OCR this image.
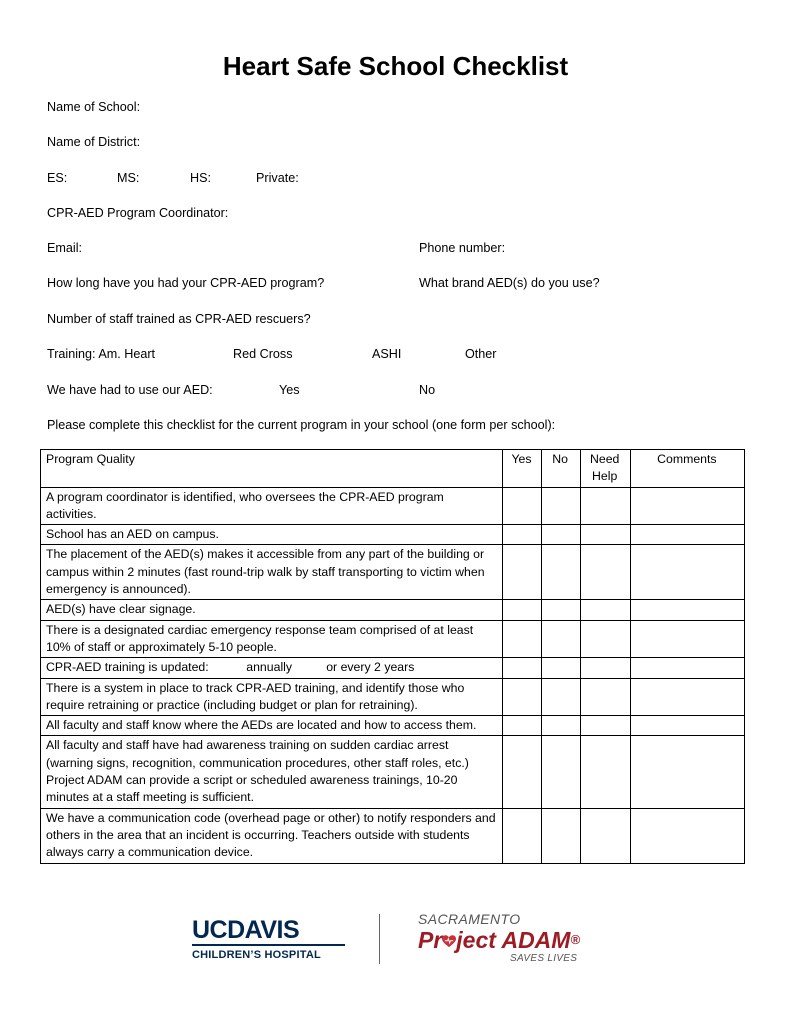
Heart Safe School Checklist
Name of School:
Name of District:
ES:	MS:	HS:	Private:
CPR-AED Program Coordinator:
Email:	Phone number:
How long have you had your CPR-AED program?	What brand AED(s) do you use?
Number of staff trained as CPR-AED rescuers?
Training: Am. Heart	Red Cross	ASHI	Other
We have had to use our AED:	Yes	No
Please complete this checklist for the current program in your school (one form per school):
Program Quality	Yes	No	Need Help	Comments
A program coordinator is identified, who oversees the CPR-AED program activities.				
School has an AED on campus.				
The placement of the AED(s) makes it accessible from any part of the building or campus within 2 minutes (fast round-trip walk by staff transporting to victim when emergency is announced).				
AED(s) have clear signage.				
There is a designated cardiac emergency response team comprised of at least 10% of staff or approximately 5-10 people.				
CPR-AED training is updated:           annually          or every 2 years				
There is a system in place to track CPR-AED training, and identify those who require retraining or practice (including budget or plan for retraining).				
All faculty and staff know where the AEDs are located and how to access them.				
All faculty and staff have had awareness training on sudden cardiac arrest (warning signs, recognition, communication procedures, other staff roles, etc.) Project ADAM can provide a script or scheduled awareness trainings, 10-20 minutes at a staff meeting is sufficient.				
We have a communication code (overhead page or other) to notify responders and others in the area that an incident is occurring. Teachers outside with students always carry a communication device.				
UCDAVIS
CHILDREN’S HOSPITAL
SACRAMENTO
Pr ject ADAM®
SAVES LIVES
